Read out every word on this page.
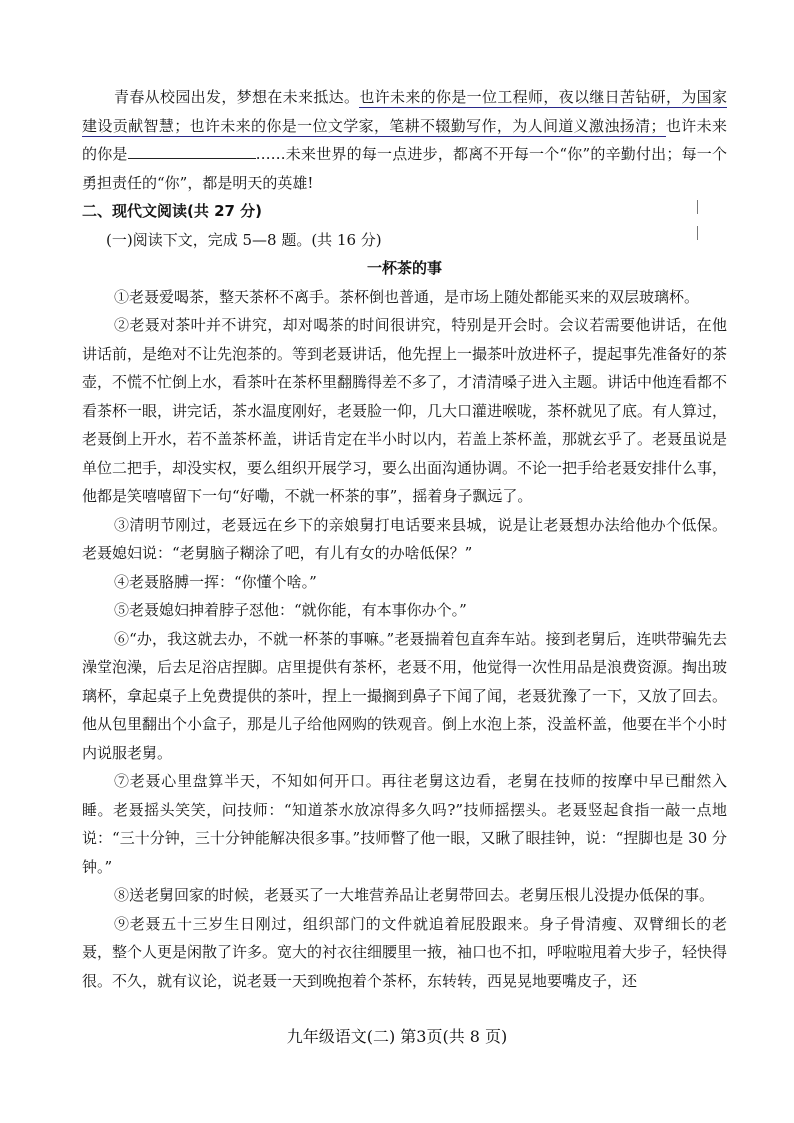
青春从校园出发，梦想在未来抵达。也许未来的你是一位工程师，夜以继日苦钻研，为国家建设贡献智慧；也许未来的你是一位文学家，笔耕不辍勤写作，为人间道义激浊扬清；也许未来的你是	……未来世界的每一点进步，都离不开每一个“你”的辛勤付出；每一个勇担责任的“你”，都是明天的英雄!

二、现代文阅读(共 27 分)

(一)阅读下文，完成 5—8 题。(共 16 分)

一杯茶的事

①老聂爱喝茶，整天茶杯不离手。茶杯倒也普通，是市场上随处都能买来的双层玻璃杯。

②老聂对茶叶并不讲究，却对喝茶的时间很讲究，特别是开会时。会议若需要他讲话，在他讲话前，是绝对不让先泡茶的。等到老聂讲话，他先捏上一撮茶叶放进杯子，提起事先准备好的茶壶，不慌不忙倒上水，看茶叶在茶杯里翻腾得差不多了，才清清嗓子进入主题。讲话中他连看都不看茶杯一眼，讲完话，茶水温度刚好，老聂脸一仰，几大口灌进喉咙，茶杯就见了底。有人算过，老聂倒上开水，若不盖茶杯盖，讲话肯定在半小时以内，若盖上茶杯盖，那就玄乎了。老聂虽说是单位二把手，却没实权，要么组织开展学习，要么出面沟通协调。不论一把手给老聂安排什么事，他都是笑嘻嘻留下一句“好嘞，不就一杯茶的事”，摇着身子飘远了。

③清明节刚过，老聂远在乡下的亲娘舅打电话要来县城，说是让老聂想办法给他办个低保。老聂媳妇说：“老舅脑子糊涂了吧，有儿有女的办啥低保？”

④老聂胳膊一挥：“你懂个啥。”

⑤老聂媳妇抻着脖子怼他：“就你能，有本事你办个。”

⑥“办，我这就去办，不就一杯茶的事嘛。”老聂揣着包直奔车站。接到老舅后，连哄带骗先去澡堂泡澡，后去足浴店捏脚。店里提供有茶杯，老聂不用，他觉得一次性用品是浪费资源。掏出玻璃杯，拿起桌子上免费提供的茶叶，捏上一撮搁到鼻子下闻了闻，老聂犹豫了一下，又放了回去。他从包里翻出个小盒子，那是儿子给他网购的铁观音。倒上水泡上茶，没盖杯盖，他要在半个小时内说服老舅。

⑦老聂心里盘算半天，不知如何开口。再往老舅这边看，老舅在技师的按摩中早已酣然入睡。老聂摇头笑笑，问技师：“知道茶水放凉得多久吗?”技师摇摆头。老聂竖起食指一敲一点地说：“三十分钟，三十分钟能解决很多事。”技师瞥了他一眼，又瞅了眼挂钟，说：“捏脚也是 30 分钟。”

⑧送老舅回家的时候，老聂买了一大堆营养品让老舅带回去。老舅压根儿没提办低保的事。

⑨老聂五十三岁生日刚过，组织部门的文件就追着屁股跟来。身子骨清瘦、双臂细长的老聂，整个人更是闲散了许多。宽大的衬衣往细腰里一掖，袖口也不扣，呼啦啦甩着大步子，轻快得很。不久，就有议论，说老聂一天到晚抱着个茶杯，东转转，西晃晃地要嘴皮子，还

九年级语文(二) 第3页(共 8 页)
